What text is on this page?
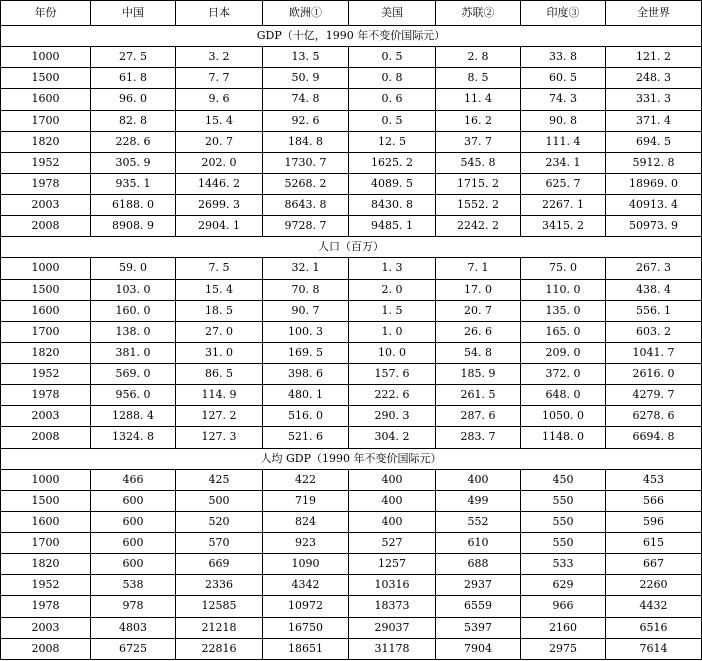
年份	中国	日本	欧洲①	美国	苏联②	印度③	全世界
GDP（十亿，1990 年不变价国际元）							
1000	27. 5	3. 2	13. 5	0. 5	2. 8	33. 8	121. 2
1500	61. 8	7. 7	50. 9	0. 8	8. 5	60. 5	248. 3
1600	96. 0	9. 6	74. 8	0. 6	11. 4	74. 3	331. 3
1700	82. 8	15. 4	92. 6	0. 5	16. 2	90. 8	371. 4
1820	228. 6	20. 7	184. 8	12. 5	37. 7	111. 4	694. 5
1952	305. 9	202. 0	1730. 7	1625. 2	545. 8	234. 1	5912. 8
1978	935. 1	1446. 2	5268. 2	4089. 5	1715. 2	625. 7	18969. 0
2003	6188. 0	2699. 3	8643. 8	8430. 8	1552. 2	2267. 1	40913. 4
2008	8908. 9	2904. 1	9728. 7	9485. 1	2242. 2	3415. 2	50973. 9
人口（百万）							
1000	59. 0	7. 5	32. 1	1. 3	7. 1	75. 0	267. 3
1500	103. 0	15. 4	70. 8	2. 0	17. 0	110. 0	438. 4
1600	160. 0	18. 5	90. 7	1. 5	20. 7	135. 0	556. 1
1700	138. 0	27. 0	100. 3	1. 0	26. 6	165. 0	603. 2
1820	381. 0	31. 0	169. 5	10. 0	54. 8	209. 0	1041. 7
1952	569. 0	86. 5	398. 6	157. 6	185. 9	372. 0	2616. 0
1978	956. 0	114. 9	480. 1	222. 6	261. 5	648. 0	4279. 7
2003	1288. 4	127. 2	516. 0	290. 3	287. 6	1050. 0	6278. 6
2008	1324. 8	127. 3	521. 6	304. 2	283. 7	1148. 0	6694. 8
人均 GDP（1990 年不变价国际元）							
1000	466	425	422	400	400	450	453
1500	600	500	719	400	499	550	566
1600	600	520	824	400	552	550	596
1700	600	570	923	527	610	550	615
1820	600	669	1090	1257	688	533	667
1952	538	2336	4342	10316	2937	629	2260
1978	978	12585	10972	18373	6559	966	4432
2003	4803	21218	16750	29037	5397	2160	6516
2008	6725	22816	18651	31178	7904	2975	7614
